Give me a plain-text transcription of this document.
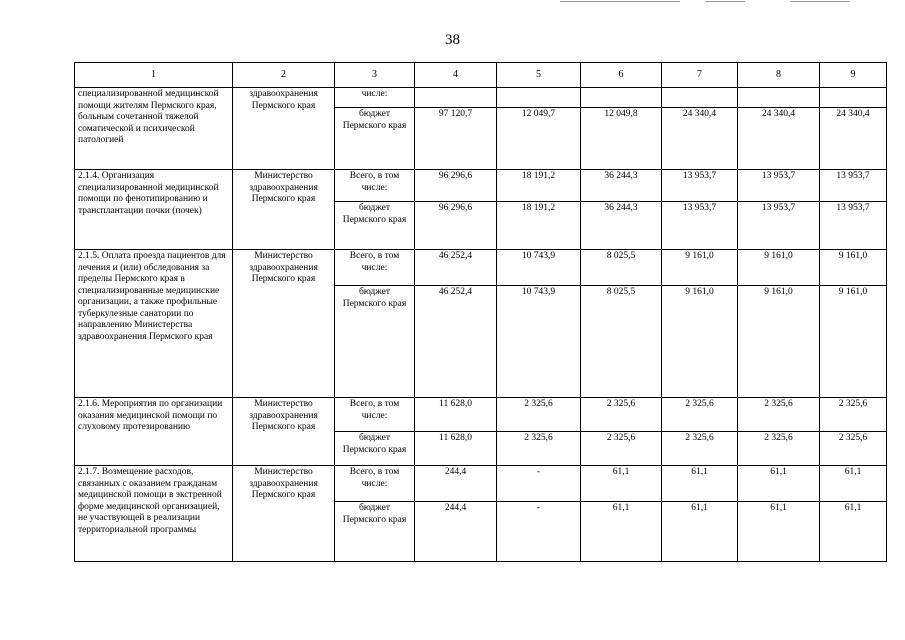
38
1	2	3	4	5	6	7	8	9
специализированной медицинской помощи жителям Пермского края, больным сочетанной тяжелой соматической и психической патологией	здравоохранения Пермского края	числе:						
		бюджет Пермского края	97 120,7	12 049,7	12 049,8	24 340,4	24 340,4	24 340,4
2.1.4. Организация специализированной медицинской помощи по фенотипированию и трансплантации почки (почек)	Министерство здравоохранения Пермского края	Всего, в том числе:	96 296,6	18 191,2	36 244,3	13 953,7	13 953,7	13 953,7
		бюджет Пермского края	96 296,6	18 191,2	36 244,3	13 953,7	13 953,7	13 953,7
2.1.5. Оплата проезда пациентов для лечения и (или) обследования за пределы Пермского края в специализированные медицинские организации, а также профильные туберкулезные санатории по направлению Министерства здравоохранения Пермского края	Министерство здравоохранения Пермского края	Всего, в том числе:	46 252,4	10 743,9	8 025,5	9 161,0	9 161,0	9 161,0
		бюджет Пермского края	46 252,4	10 743,9	8 025,5	9 161,0	9 161,0	9 161,0
2.1.6. Мероприятия по организации оказания медицинской помощи по слуховому протезированию	Министерство здравоохранения Пермского края	Всего, в том числе:	11 628,0	2 325,6	2 325,6	2 325,6	2 325,6	2 325,6
		бюджет Пермского края	11 628,0	2 325,6	2 325,6	2 325,6	2 325,6	2 325,6
2.1.7. Возмещение расходов, связанных с оказанием гражданам медицинской помощи в экстренной форме медицинской организацией, не участвующей в реализации территориальной программы	Министерство здравоохранения Пермского края	Всего, в том числе:	244,4	-	61,1	61,1	61,1	61,1
		бюджет Пермского края	244,4	-	61,1	61,1	61,1	61,1
